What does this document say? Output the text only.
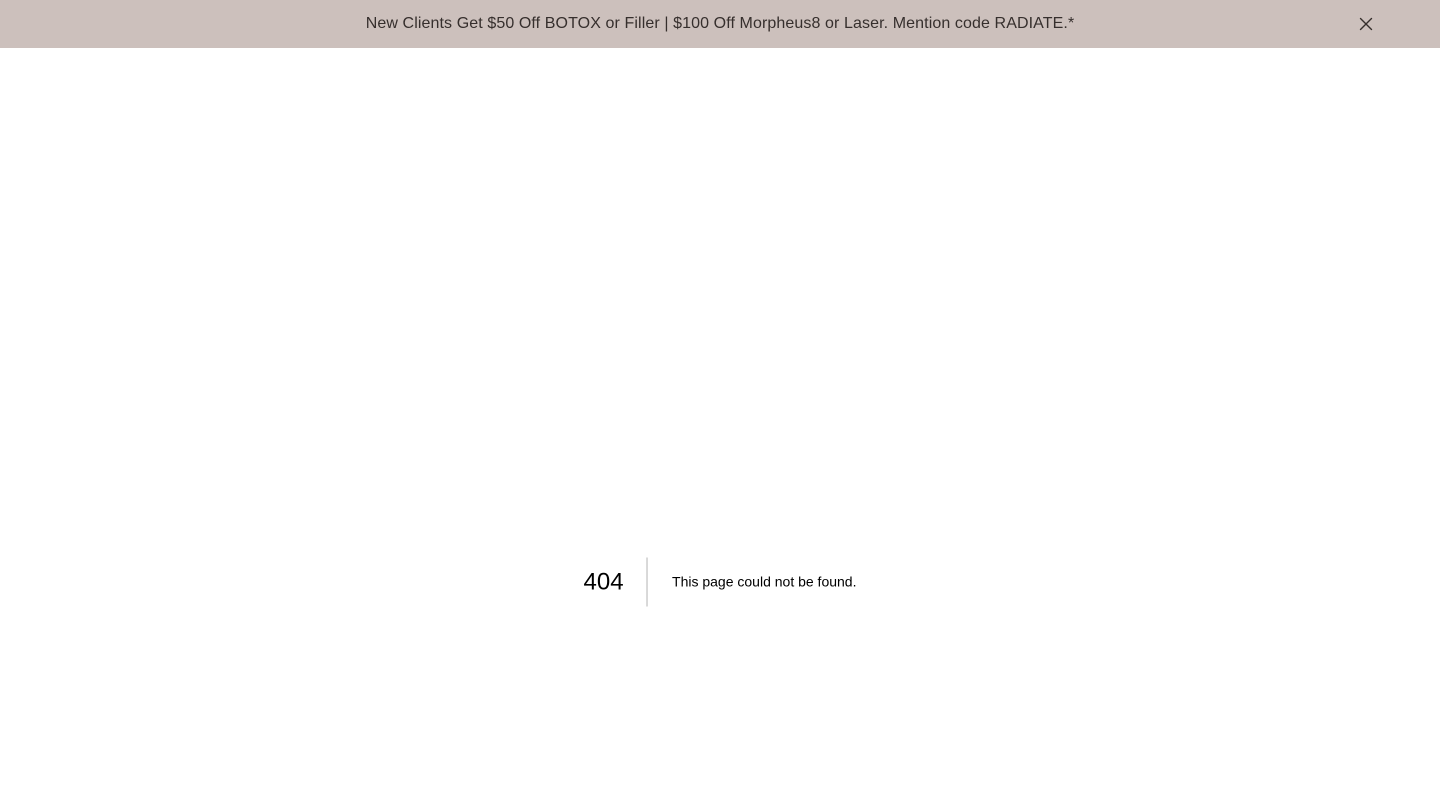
New Clients Get $50 Off BOTOX or Filler | $100 Off Morpheus8 or Laser. Mention code RADIATE.*
404	This page could not be found.
